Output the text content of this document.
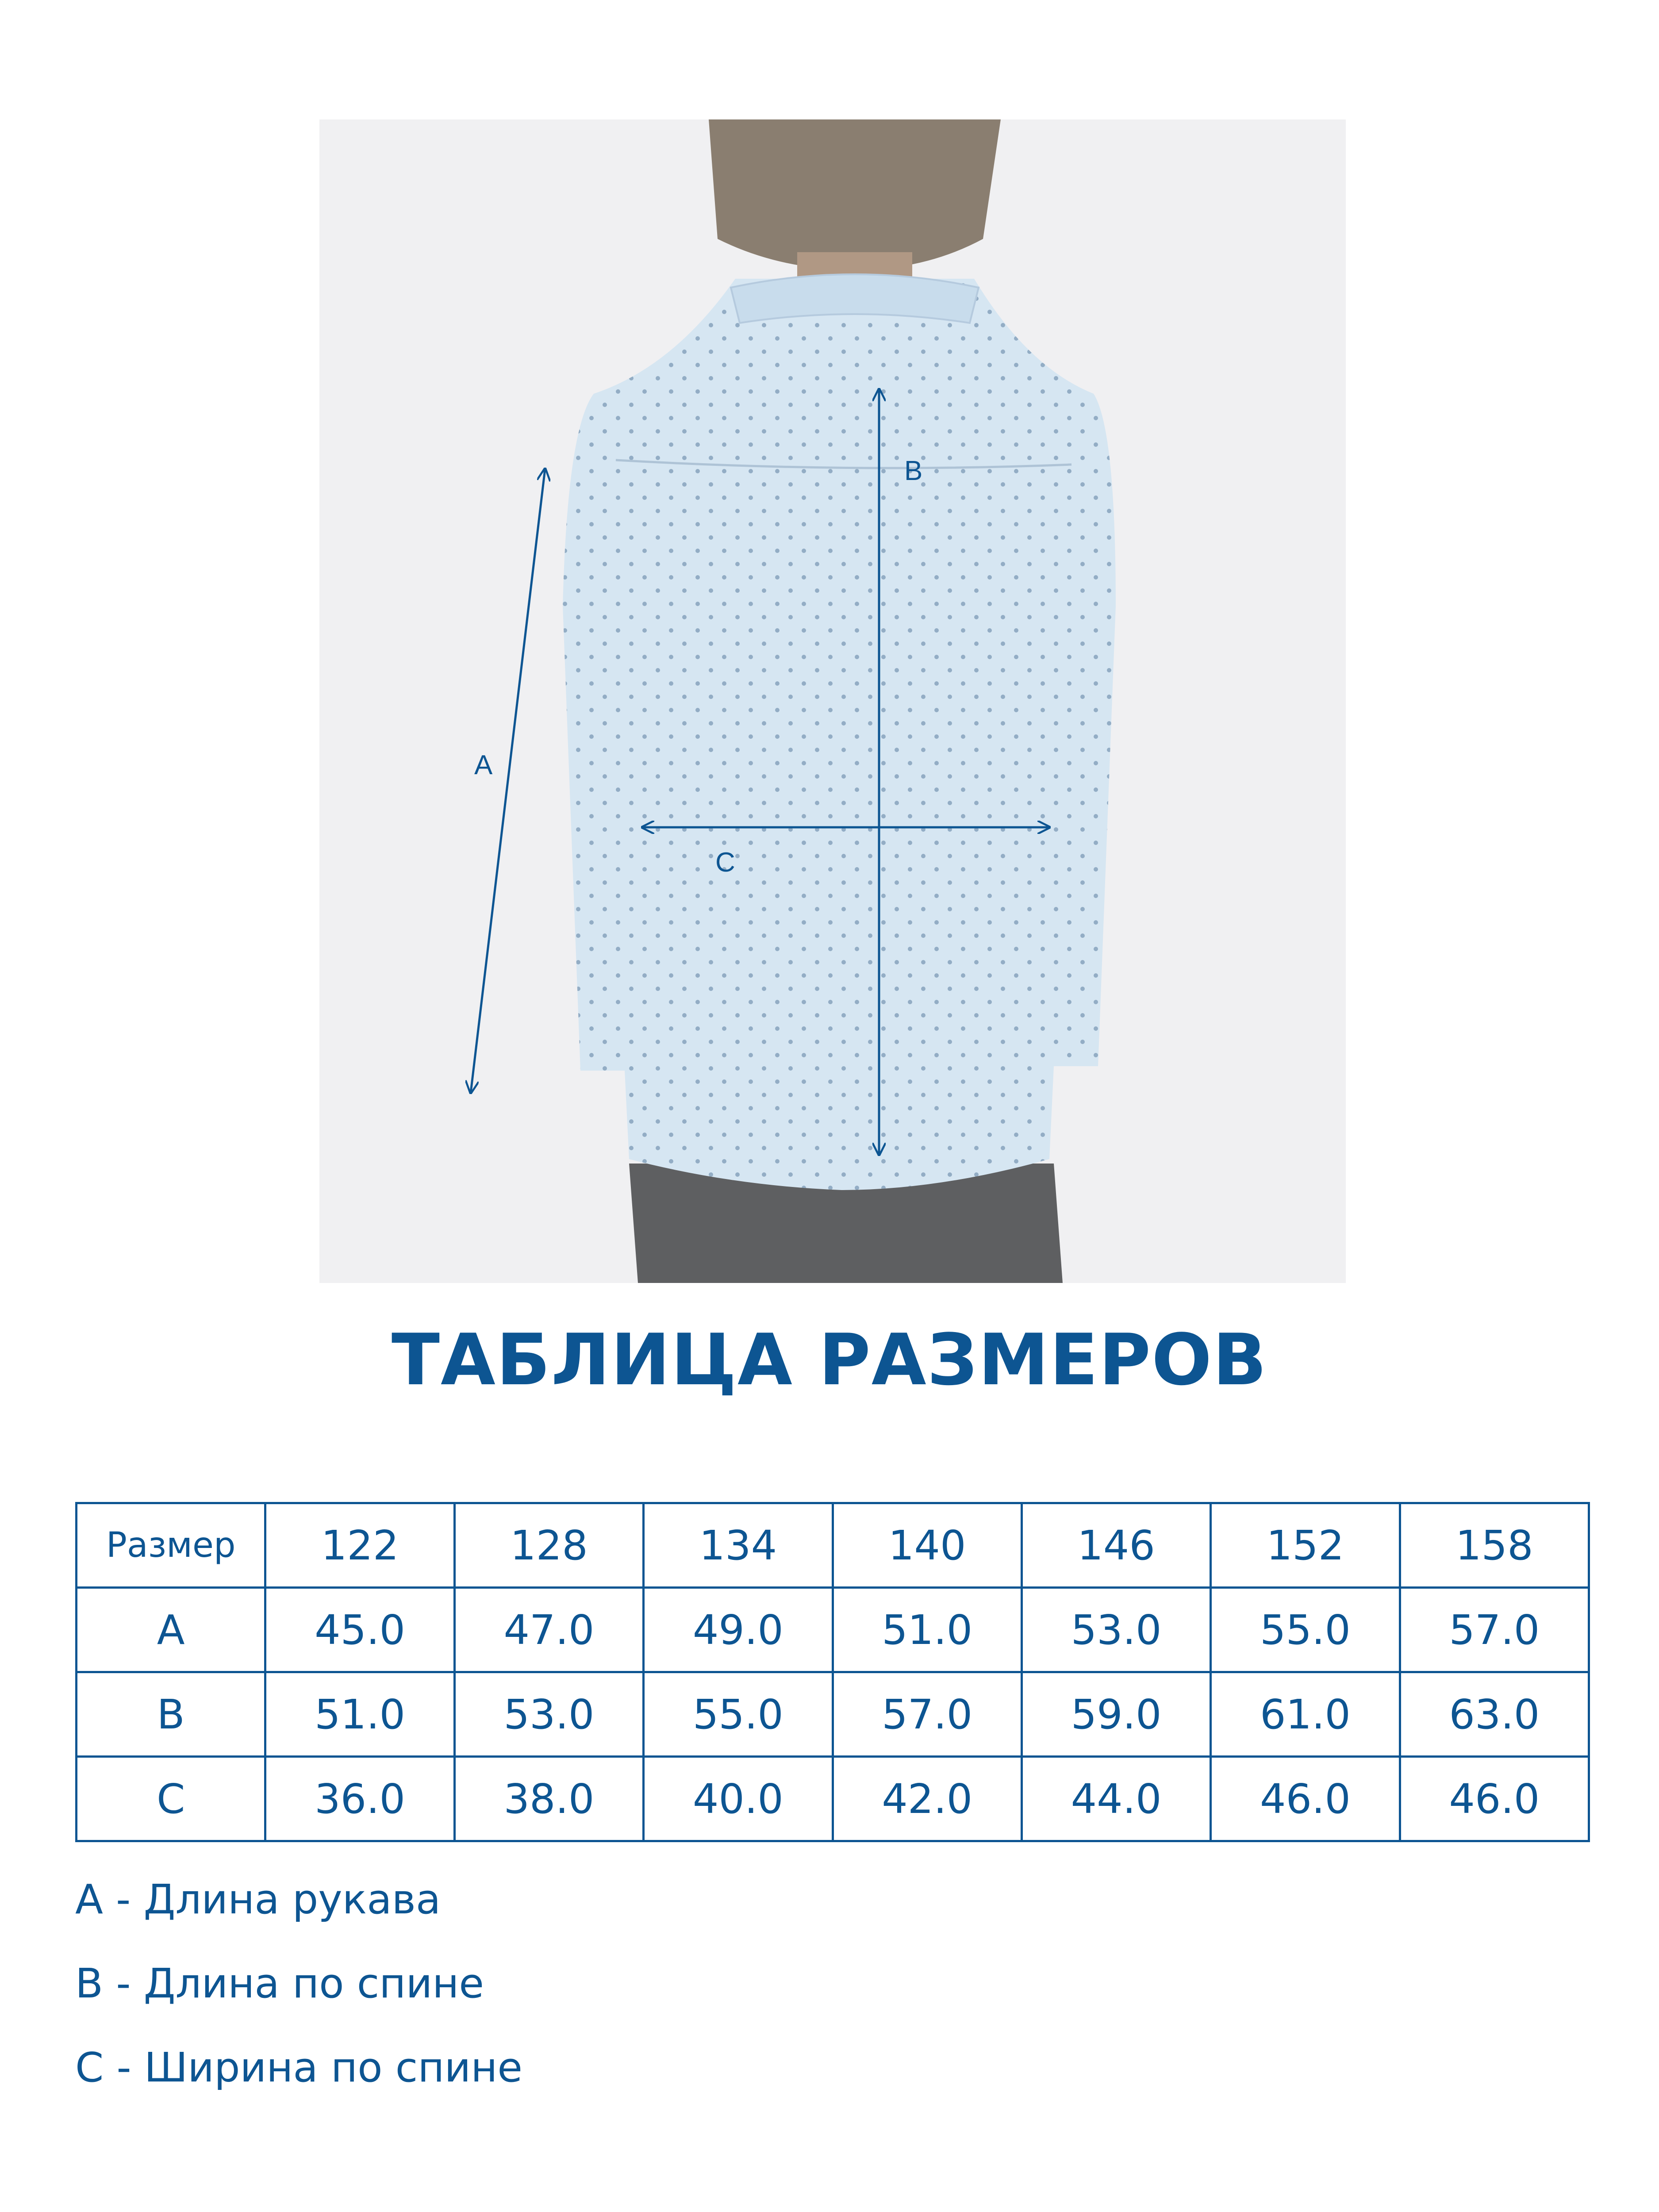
A
B
C
ТАБЛИЦА РАЗМЕРОВ
Размер	122	128	134	140	146	152	158
A	45.0	47.0	49.0	51.0	53.0	55.0	57.0
B	51.0	53.0	55.0	57.0	59.0	61.0	63.0
C	36.0	38.0	40.0	42.0	44.0	46.0	46.0
A - Длина рукава
B - Длина по спине
C - Ширина по спине
